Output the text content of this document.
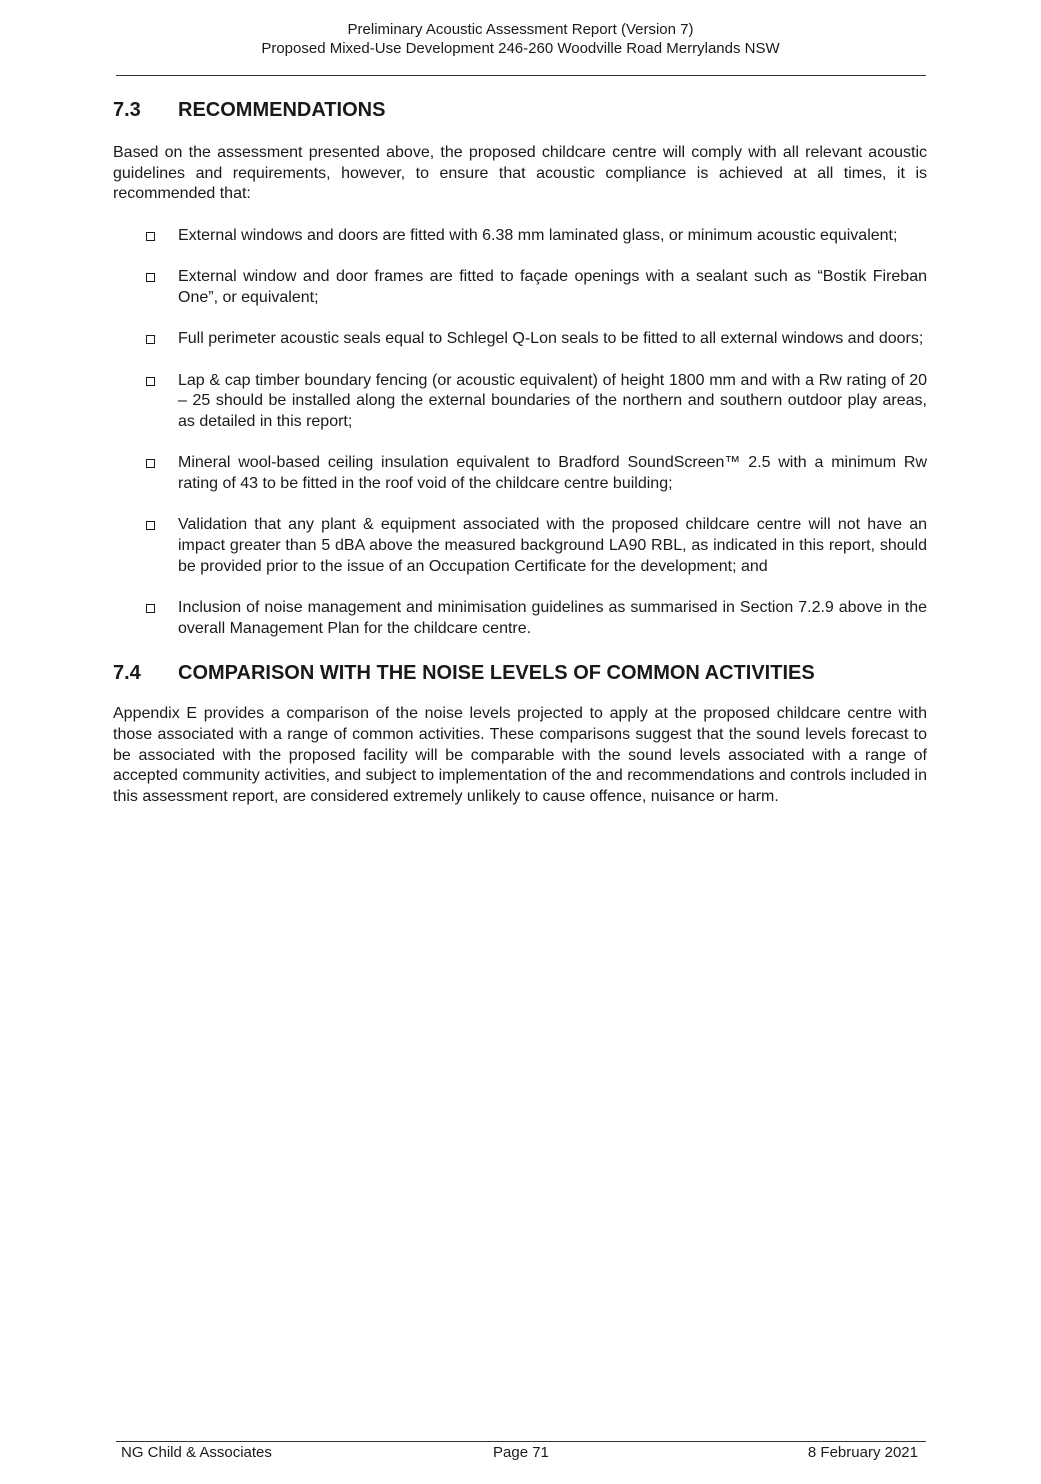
Preliminary Acoustic Assessment Report (Version 7)
Proposed Mixed-Use Development 246-260 Woodville Road Merrylands NSW
7.3	RECOMMENDATIONS

Based on the assessment presented above, the proposed childcare centre will comply with all relevant acoustic guidelines and requirements, however, to ensure that acoustic compliance is achieved at all times, it is recommended that:

External windows and doors are fitted with 6.38 mm laminated glass, or minimum acoustic equivalent;
External window and door frames are fitted to façade openings with a sealant such as “Bostik Fireban One”, or equivalent;
Full perimeter acoustic seals equal to Schlegel Q-Lon seals to be fitted to all external windows and doors;
Lap & cap timber boundary fencing (or acoustic equivalent) of height 1800 mm and with a Rw rating of 20 – 25 should be installed along the external boundaries of the northern and southern outdoor play areas, as detailed in this report;
Mineral wool-based ceiling insulation equivalent to Bradford SoundScreen™ 2.5 with a minimum Rw rating of 43 to be fitted in the roof void of the childcare centre building;
Validation that any plant & equipment associated with the proposed childcare centre will not have an impact greater than 5 dBA above the measured background LA90 RBL, as indicated in this report, should be provided prior to the issue of an Occupation Certificate for the development; and
Inclusion of noise management and minimisation guidelines as summarised in Section 7.2.9 above in the overall Management Plan for the childcare centre.
7.4	COMPARISON WITH THE NOISE LEVELS OF COMMON ACTIVITIES

Appendix E provides a comparison of the noise levels projected to apply at the proposed childcare centre with those associated with a range of common activities. These comparisons suggest that the sound levels forecast to be associated with the proposed facility will be comparable with the sound levels associated with a range of accepted community activities, and subject to implementation of the and recommendations and controls included in this assessment report, are considered extremely unlikely to cause offence, nuisance or harm.

NG Child & Associates	Page 71	8 February 2021
